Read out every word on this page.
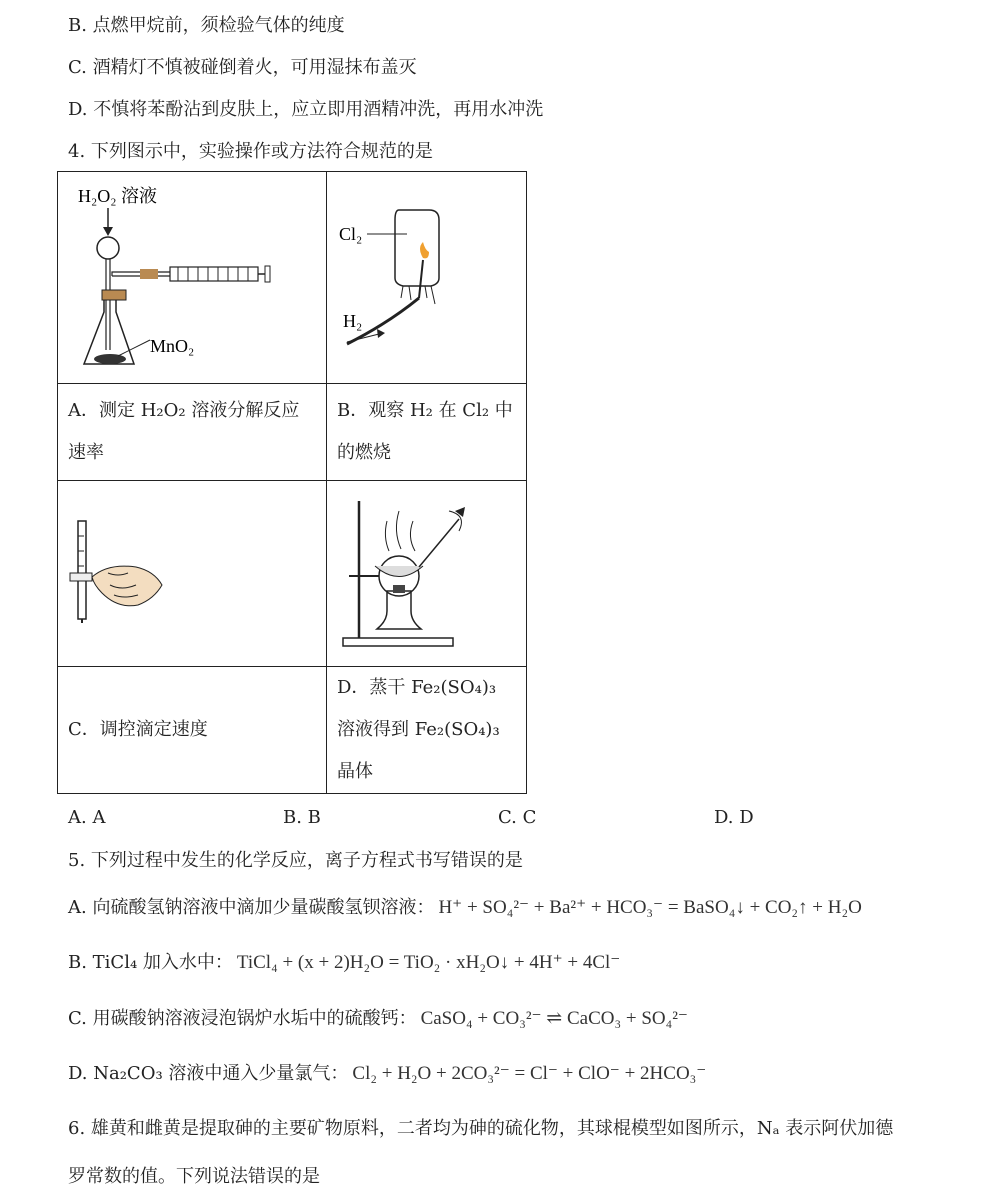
B. 点燃甲烷前，须检验气体的纯度
C. 酒精灯不慎被碰倒着火，可用湿抹布盖灭
D. 不慎将苯酚沾到皮肤上，应立即用酒精冲洗，再用水冲洗
4. 下列图示中，实验操作或方法符合规范的是
H₂O₂ 溶液
MnO₂	Cl₂
H₂

A．测定 H₂O₂ 溶液分解反应速率	B．观察 H₂ 在 Cl₂ 中的燃烧

C．调控滴定速度	D．蒸干 Fe₂(SO₄)₃ 溶液得到 Fe₂(SO₄)₃ 晶体
A. A	B. B	C. C	D. D
5. 下列过程中发生的化学反应，离子方程式书写错误的是
A. 向硫酸氢钠溶液中滴加少量碳酸氢钡溶液： H⁺ + SO₄²⁻ + Ba²⁺ + HCO₃⁻ = BaSO₄↓ + CO₂↑ + H₂O
B. TiCl₄ 加入水中： TiCl₄ + (x + 2)H₂O = TiO₂ · xH₂O↓ + 4H⁺ + 4Cl⁻
C. 用碳酸钠溶液浸泡锅炉水垢中的硫酸钙： CaSO₄ + CO₃²⁻ ⇌ CaCO₃ + SO₄²⁻
D. Na₂CO₃ 溶液中通入少量氯气： Cl₂ + H₂O + 2CO₃²⁻ = Cl⁻ + ClO⁻ + 2HCO₃⁻
6. 雄黄和雌黄是提取砷的主要矿物原料，二者均为砷的硫化物，其球棍模型如图所示，Nₐ 表示阿伏加德
罗常数的值。下列说法错误的是
